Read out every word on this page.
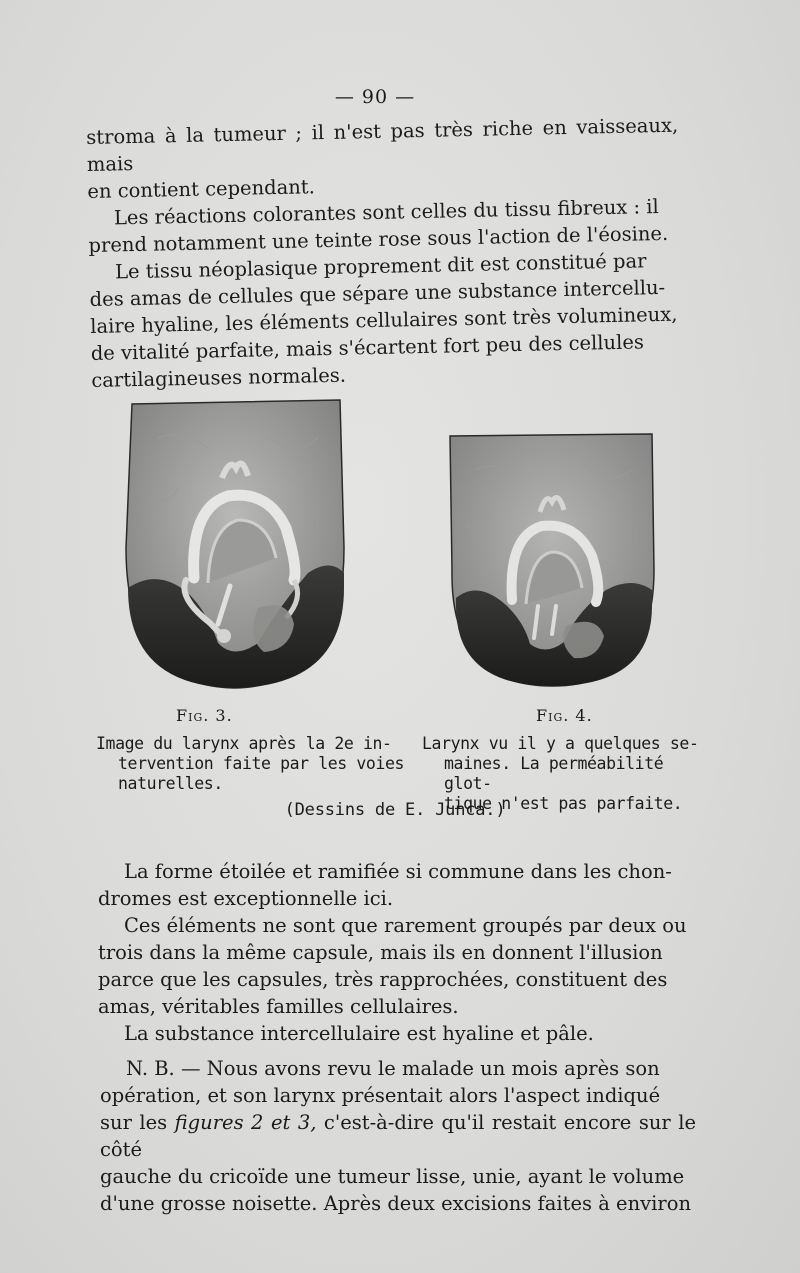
— 90 —

stroma à la tumeur ; il n'est pas très riche en vaisseaux, mais

en contient cependant.

Les réactions colorantes sont celles du tissu fibreux : il

prend notamment une teinte rose sous l'action de l'éosine.

Le tissu néoplasique proprement dit est constitué par

des amas de cellules que sépare une substance intercellu-

laire hyaline, les éléments cellulaires sont très volumineux,

de vitalité parfaite, mais s'écartent fort peu des cellules

cartilagineuses normales.

Fig. 3.	Fig. 4.

Image du larynx après la 2e in-

tervention faite par les voies

naturelles.

Larynx vu il y a quelques se-

maines. La perméabilité glot-

tique n'est pas parfaite.

(Dessins de E. Junca.)

La forme étoilée et ramifiée si commune dans les chon-

dromes est exceptionnelle ici.

Ces éléments ne sont que rarement groupés par deux ou

trois dans la même capsule, mais ils en donnent l'illusion

parce que les capsules, très rapprochées, constituent des

amas, véritables familles cellulaires.

La substance intercellulaire est hyaline et pâle.

N. B. — Nous avons revu le malade un mois après son

opération, et son larynx présentait alors l'aspect indiqué

sur les figures 2 et 3, c'est-à-dire qu'il restait encore sur le côté

gauche du cricoïde une tumeur lisse, unie, ayant le volume

d'une grosse noisette. Après deux excisions faites à environ
